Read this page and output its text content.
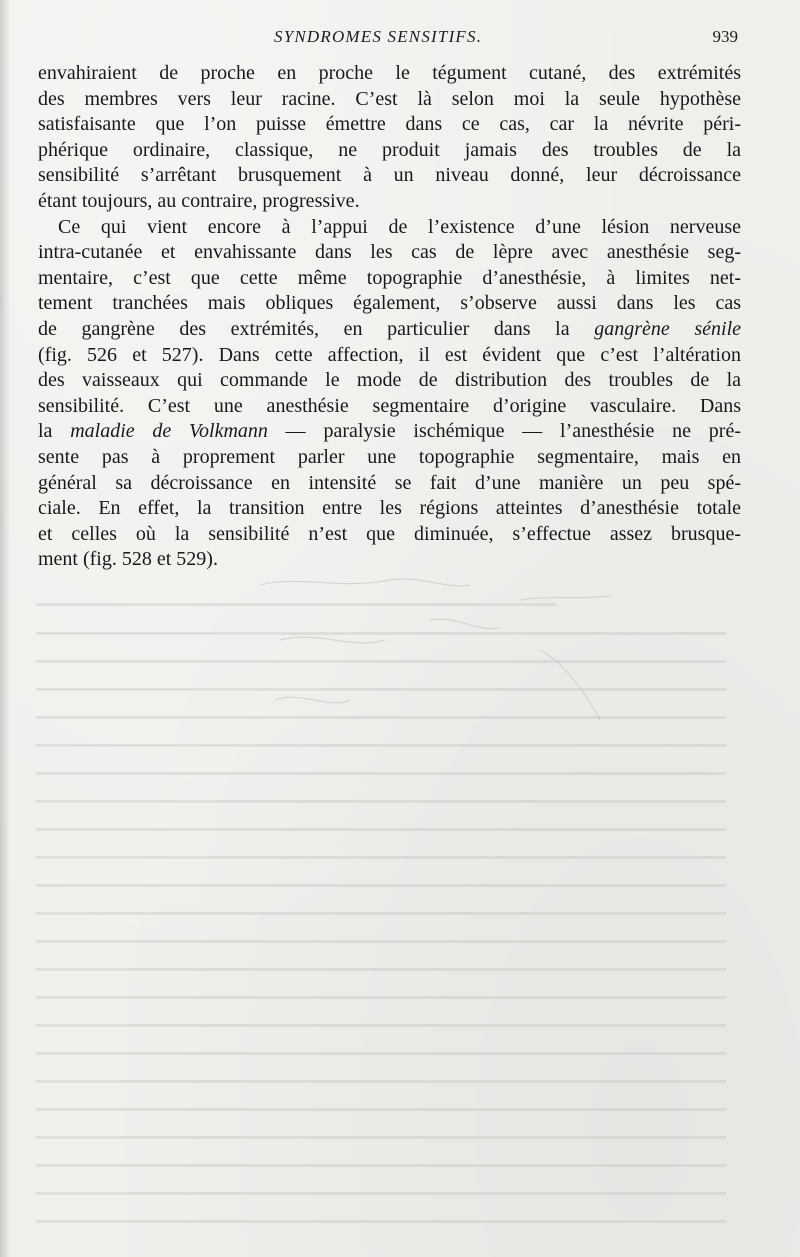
SYNDROMES SENSITIFS.	939
envahiraient de proche en proche le tégument cutané, des extrémités
des membres vers leur racine. C’est là selon moi la seule hypothèse
satisfaisante que l’on puisse émettre dans ce cas, car la névrite péri-
phérique ordinaire, classique, ne produit jamais des troubles de la
sensibilité s’arrêtant brusquement à un niveau donné, leur décroissance
étant toujours, au contraire, progressive.
Ce qui vient encore à l’appui de l’existence d’une lésion nerveuse
intra-cutanée et envahissante dans les cas de lèpre avec anesthésie seg-
mentaire, c’est que cette même topographie d’anesthésie, à limites net-
tement tranchées mais obliques également, s’observe aussi dans les cas
de gangrène des extrémités, en particulier dans la gangrène sénile
(fig. 526 et 527). Dans cette affection, il est évident que c’est l’altération
des vaisseaux qui commande le mode de distribution des troubles de la
sensibilité. C’est une anesthésie segmentaire d’origine vasculaire. Dans
la maladie de Volkmann — paralysie ischémique — l’anesthésie ne pré-
sente pas à proprement parler une topographie segmentaire, mais en
général sa décroissance en intensité se fait d’une manière un peu spé-
ciale. En effet, la transition entre les régions atteintes d’anesthésie totale
et celles où la sensibilité n’est que diminuée, s’effectue assez brusque-
ment (fig. 528 et 529).
